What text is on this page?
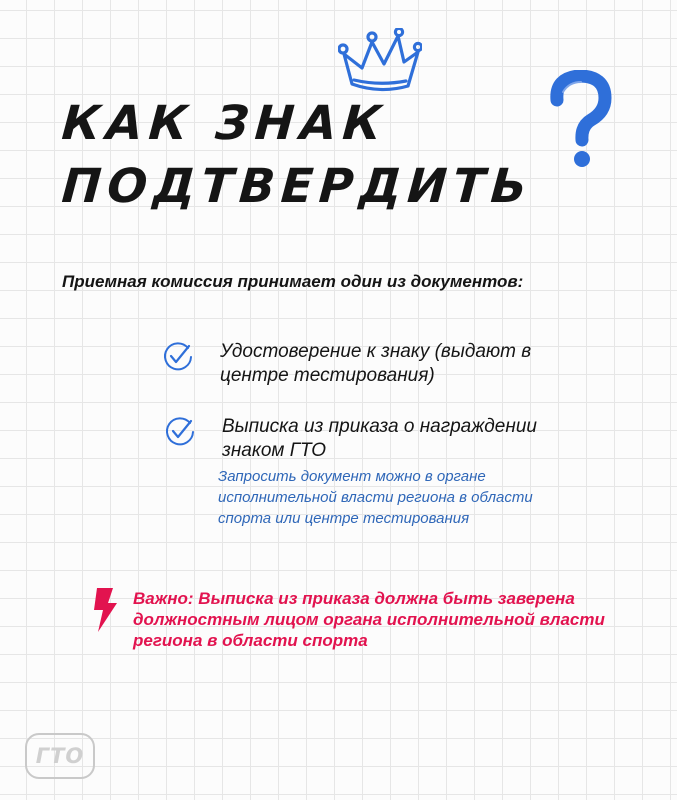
КАК ЗНАК
ПОДТВЕРДИТЬ
Приемная комиссия принимает один из документов:
Удостоверение к знаку (выдают в центре тестирования)
Выписка из приказа о награждении знаком ГТО
Запросить документ можно в органе исполнительной власти региона в области спорта или центре тестирования
Важно: Выписка из приказа должна быть заверена должностным лицом органа исполнительной власти региона в области спорта
ГТО
